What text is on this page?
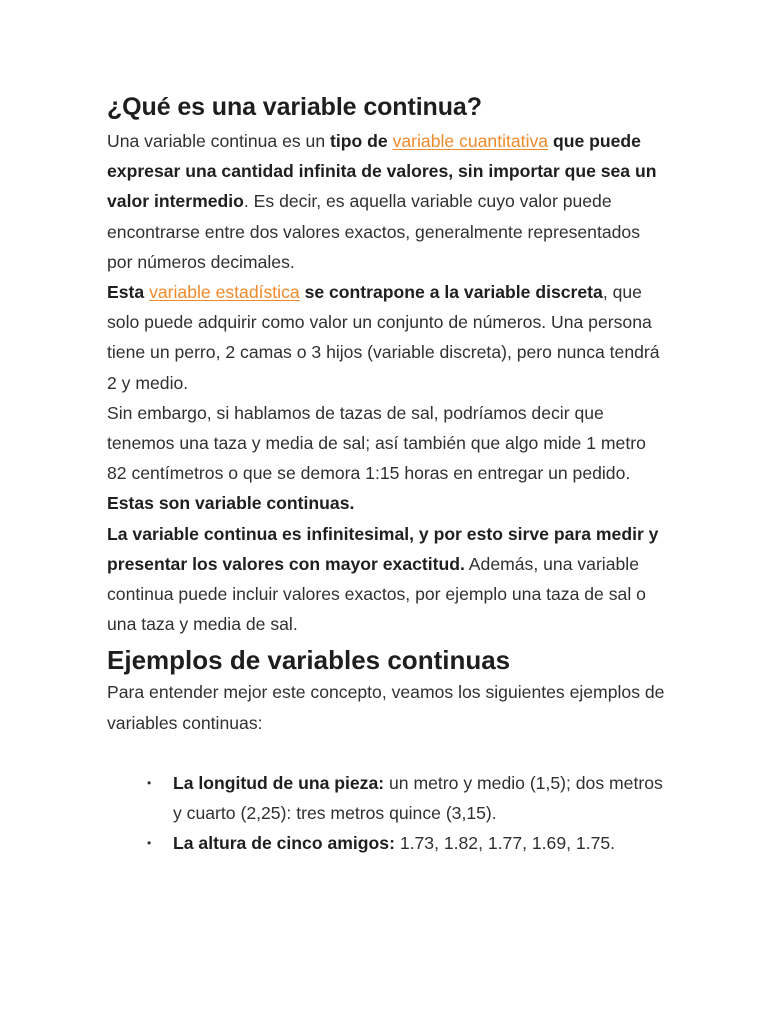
¿Qué es una variable continua?

Una variable continua es un tipo de variable cuantitativa que puede expresar una cantidad infinita de valores, sin importar que sea un valor intermedio. Es decir, es aquella variable cuyo valor puede encontrarse entre dos valores exactos, generalmente representados por números decimales.

Esta variable estadística se contrapone a la variable discreta, que solo puede adquirir como valor un conjunto de números. Una persona tiene un perro, 2 camas o 3 hijos (variable discreta), pero nunca tendrá 2 y medio.

Sin embargo, si hablamos de tazas de sal, podríamos decir que tenemos una taza y media de sal; así también que algo mide 1 metro 82 centímetros o que se demora 1:15 horas en entregar un pedido. Estas son variable continuas.

La variable continua es infinitesimal, y por esto sirve para medir y presentar los valores con mayor exactitud. Además, una variable continua puede incluir valores exactos, por ejemplo una taza de sal o una taza y media de sal.

Ejemplos de variables continuas

Para entender mejor este concepto, veamos los siguientes ejemplos de variables continuas:

• La longitud de una pieza: un metro y medio (1,5); dos metros y cuarto (2,25): tres metros quince (3,15).
• La altura de cinco amigos: 1.73, 1.82, 1.77, 1.69, 1.75.
